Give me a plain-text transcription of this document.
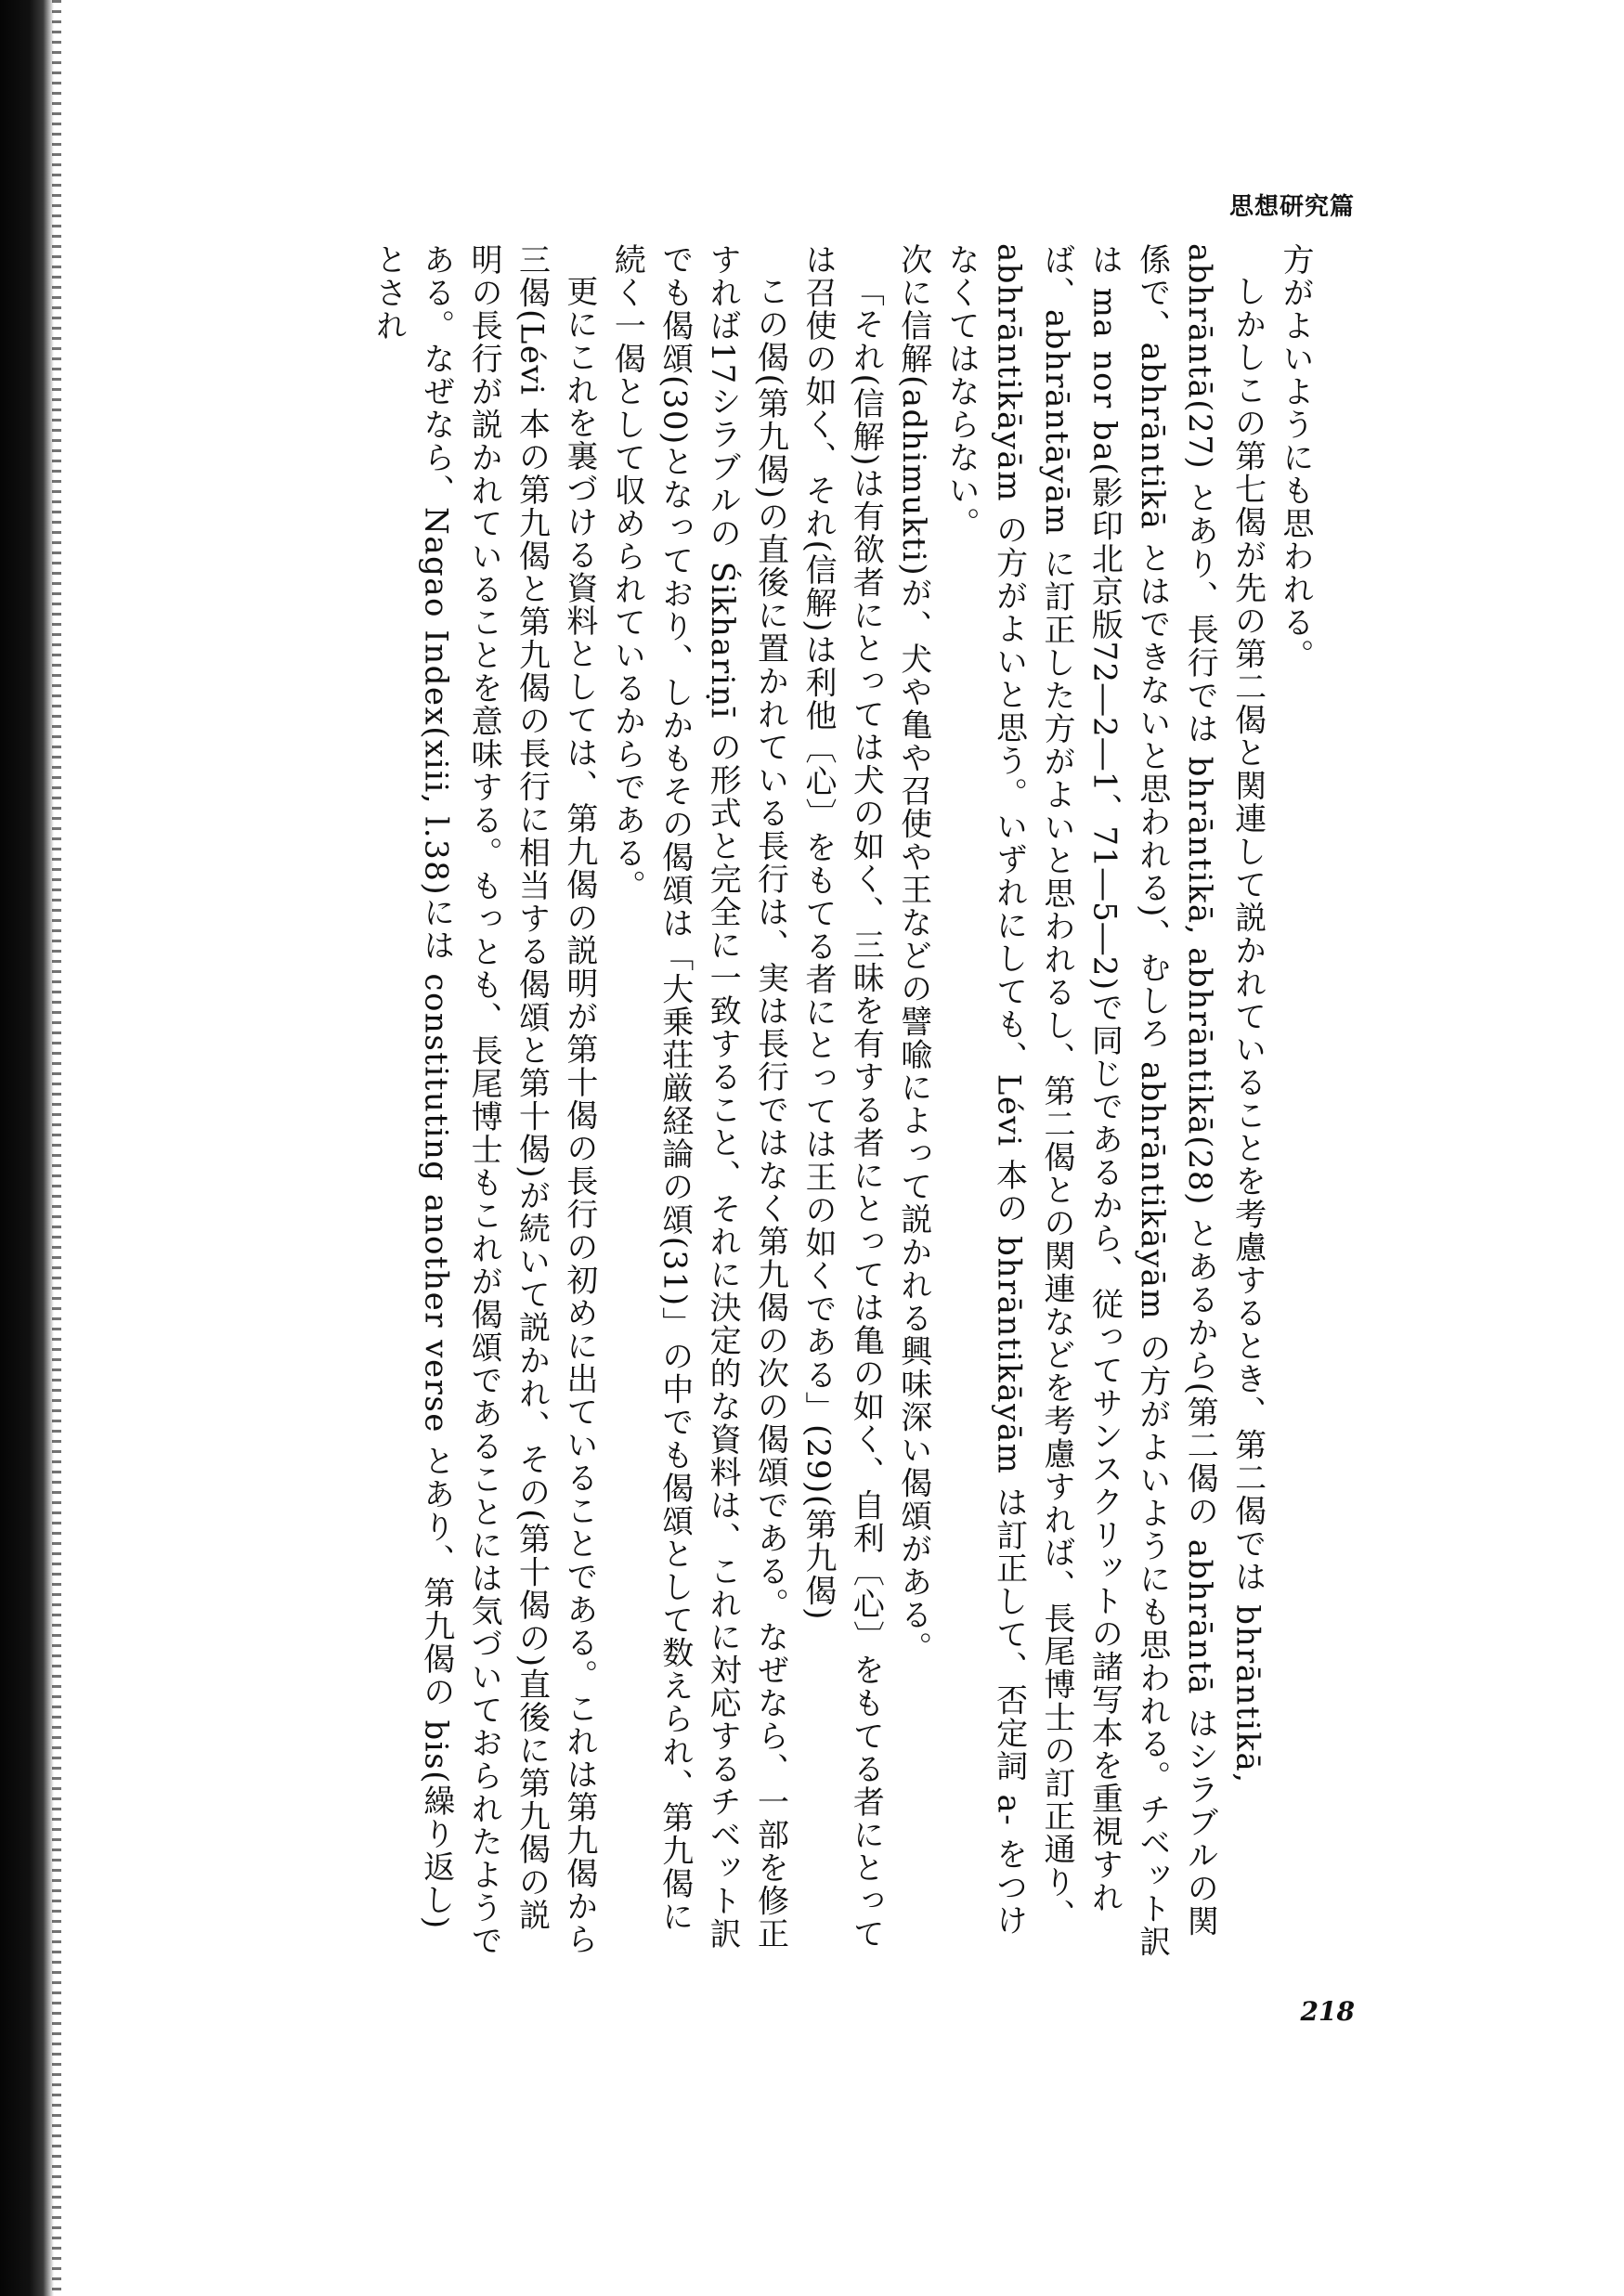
思想研究篇

方がよいようにも思われる。

しかしこの第七偈が先の第二偈と関連して説かれていることを考慮するとき、第二偈では bhrāntikā, abhrāntā(27) とあり、長行では bhrāntikā, abhrāntikā(28) とあるから(第二偈の abhrāntā はシラブルの関係で、abhrāntikā とはできないと思われる)、むしろ abhrāntikāyām の方がよいようにも思われる。チベット訳は ma nor ba(影印北京版72―2―1、71―5―2)で同じであるから、従ってサンスクリットの諸写本を重視すれば、abhrāntāyām に訂正した方がよいと思われるし、第二偈との関連などを考慮すれば、長尾博士の訂正通り、abhrāntikāyām の方がよいと思う。いずれにしても、Lévi 本の bhrāntikāyām は訂正して、否定詞 a- をつけなくてはならない。

次に信解(adhimukti)が、犬や亀や召使や王などの譬喩によって説かれる興味深い偈頌がある。

「それ(信解)は有欲者にとっては犬の如く、三昧を有する者にとっては亀の如く、自利〔心〕をもてる者にとっては召使の如く、それ(信解)は利他〔心〕をもてる者にとっては王の如くである」(29)(第九偈)

この偈(第九偈)の直後に置かれている長行は、実は長行ではなく第九偈の次の偈頌である。なぜなら、一部を修正すれば17シラブルの Śikhariṇī の形式と完全に一致すること、それに決定的な資料は、これに対応するチベット訳でも偈頌(30)となっており、しかもその偈頌は「大乗荘厳経論の頌(31)」の中でも偈頌として数えられ、第九偈に続く一偈として収められているからである。

更にこれを裏づける資料としては、第九偈の説明が第十偈の長行の初めに出ていることである。これは第九偈から三偈(Lévi 本の第九偈と第九偈の長行に相当する偈頌と第十偈)が続いて説かれ、その(第十偈の)直後に第九偈の説明の長行が説かれていることを意味する。もっとも、長尾博士もこれが偈頌であることには気づいておられたようである。なぜなら、Nagao Index(xiii, l.38)には constituting another verse とあり、第九偈の bis(繰り返し)とされ

218
